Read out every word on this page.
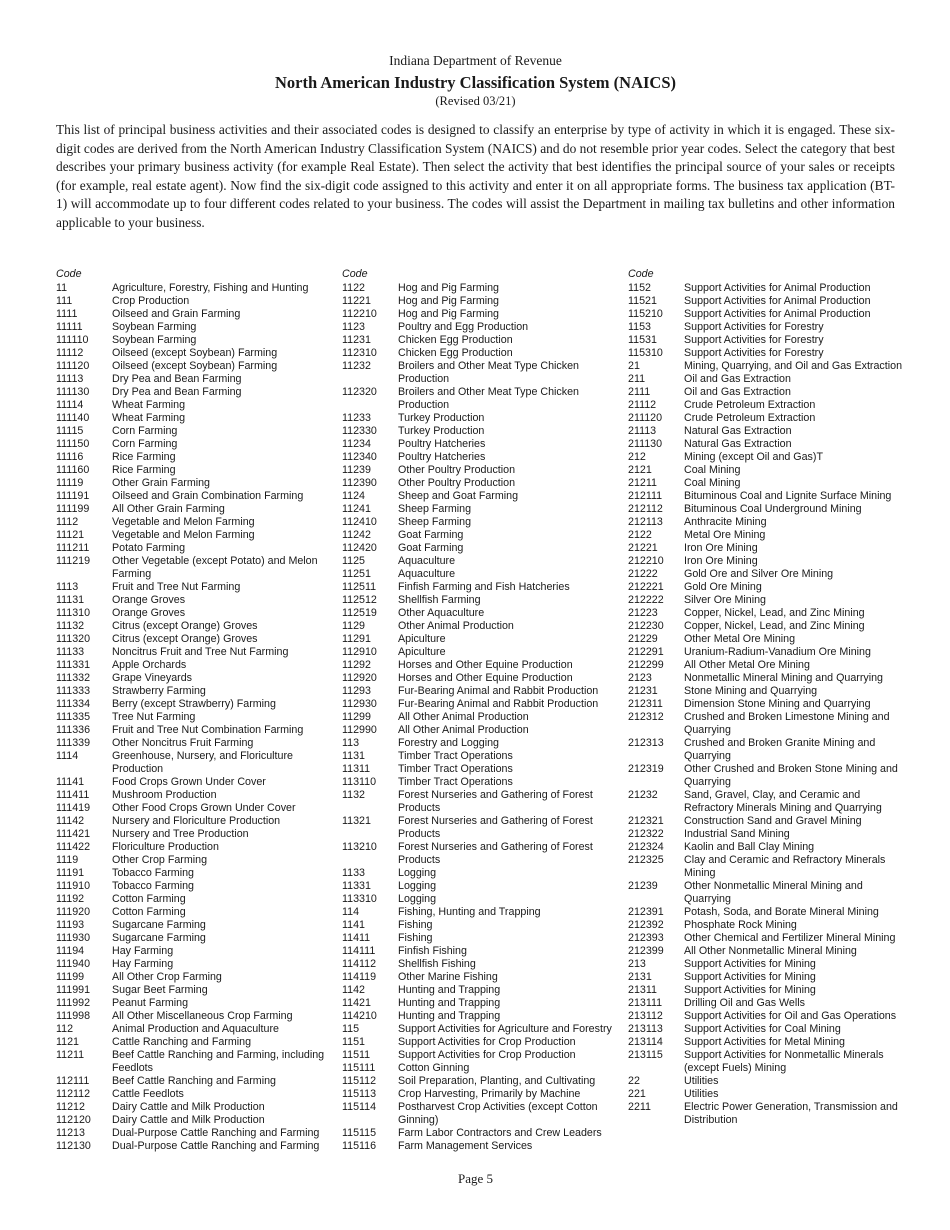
Indiana Department of Revenue
North American Industry Classification System (NAICS)
(Revised 03/21)

This list of principal business activities and their associated codes is designed to classify an enterprise by type of activity in which it is engaged. These six-digit codes are derived from the North American Industry Classification System (NAICS) and do not resemble prior year codes. Select the category that best describes your primary business activity (for example Real Estate). Then select the activity that best identifies the principal source of your sales or receipts (for example, real estate agent). Now find the six-digit code assigned to this activity and enter it on all appropriate forms. The business tax application (BT-1) will accommodate up to four different codes related to your business. The codes will assist the Department in mailing tax bulletins and other information applicable to your business.

Code
11	Agriculture, Forestry, Fishing and Hunting
111	Crop Production
1111	Oilseed and Grain Farming
11111	Soybean Farming
111110	Soybean Farming
11112	Oilseed (except Soybean) Farming
111120	Oilseed (except Soybean) Farming
11113	Dry Pea and Bean Farming
111130	Dry Pea and Bean Farming
11114	Wheat Farming
111140	Wheat Farming
11115	Corn Farming
111150	Corn Farming
11116	Rice Farming
111160	Rice Farming
11119	Other Grain Farming
111191	Oilseed and Grain Combination Farming
111199	All Other Grain Farming
1112	Vegetable and Melon Farming
11121	Vegetable and Melon Farming
111211	Potato Farming
111219	Other Vegetable (except Potato) and Melon Farming
1113	Fruit and Tree Nut Farming
11131	Orange Groves
111310	Orange Groves
11132	Citrus (except Orange) Groves
111320	Citrus (except Orange) Groves
11133	Noncitrus Fruit and Tree Nut Farming
111331	Apple Orchards
111332	Grape Vineyards
111333	Strawberry Farming
111334	Berry (except Strawberry) Farming
111335	Tree Nut Farming
111336	Fruit and Tree Nut Combination Farming
111339	Other Noncitrus Fruit Farming
1114	Greenhouse, Nursery, and Floriculture Production
11141	Food Crops Grown Under Cover
111411	Mushroom Production
111419	Other Food Crops Grown Under Cover
11142	Nursery and Floriculture Production
111421	Nursery and Tree Production
111422	Floriculture Production
1119	Other Crop Farming
11191	Tobacco Farming
111910	Tobacco Farming
11192	Cotton Farming
111920	Cotton Farming
11193	Sugarcane Farming
111930	Sugarcane Farming
11194	Hay Farming
111940	Hay Farming
11199	All Other Crop Farming
111991	Sugar Beet Farming
111992	Peanut Farming
111998	All Other Miscellaneous Crop Farming
112	Animal Production and Aquaculture
1121	Cattle Ranching and Farming
11211	Beef Cattle Ranching and Farming, including Feedlots
112111	Beef Cattle Ranching and Farming
112112	Cattle Feedlots
11212	Dairy Cattle and Milk Production
112120	Dairy Cattle and Milk Production
11213	Dual-Purpose Cattle Ranching and Farming
112130	Dual-Purpose Cattle Ranching and Farming
Code
1122	Hog and Pig Farming
11221	Hog and Pig Farming
112210	Hog and Pig Farming
1123	Poultry and Egg Production
11231	Chicken Egg Production
112310	Chicken Egg Production
11232	Broilers and Other Meat Type Chicken Production
112320	Broilers and Other Meat Type Chicken Production
11233	Turkey Production
112330	Turkey Production
11234	Poultry Hatcheries
112340	Poultry Hatcheries
11239	Other Poultry Production
112390	Other Poultry Production
1124	Sheep and Goat Farming
11241	Sheep Farming
112410	Sheep Farming
11242	Goat Farming
112420	Goat Farming
1125	Aquaculture
11251	Aquaculture
112511	Finfish Farming and Fish Hatcheries
112512	Shellfish Farming
112519	Other Aquaculture
1129	Other Animal Production
11291	Apiculture
112910	Apiculture
11292	Horses and Other Equine Production
112920	Horses and Other Equine Production
11293	Fur-Bearing Animal and Rabbit Production
112930	Fur-Bearing Animal and Rabbit Production
11299	All Other Animal Production
112990	All Other Animal Production
113	Forestry and Logging
1131	Timber Tract Operations
11311	Timber Tract Operations
113110	Timber Tract Operations
1132	Forest Nurseries and Gathering of Forest Products
11321	Forest Nurseries and Gathering of Forest Products
113210	Forest Nurseries and Gathering of Forest Products
1133	Logging
11331	Logging
113310	Logging
114	Fishing, Hunting and Trapping
1141	Fishing
11411	Fishing
114111	Finfish Fishing
114112	Shellfish Fishing
114119	Other Marine Fishing
1142	Hunting and Trapping
11421	Hunting and Trapping
114210	Hunting and Trapping
115	Support Activities for Agriculture and Forestry
1151	Support Activities for Crop Production
11511	Support Activities for Crop Production
115111	Cotton Ginning
115112	Soil Preparation, Planting, and Cultivating
115113	Crop Harvesting, Primarily by Machine
115114	Postharvest Crop Activities (except Cotton Ginning)
115115	Farm Labor Contractors and Crew Leaders
115116	Farm Management Services
Code
1152	Support Activities for Animal Production
11521	Support Activities for Animal Production
115210	Support Activities for Animal Production
1153	Support Activities for Forestry
11531	Support Activities for Forestry
115310	Support Activities for Forestry
21	Mining, Quarrying, and Oil and Gas Extraction
211	Oil and Gas Extraction
2111	Oil and Gas Extraction
21112	Crude Petroleum Extraction
211120	Crude Petroleum Extraction
21113	Natural Gas Extraction
211130	Natural Gas Extraction
212	Mining (except Oil and Gas)T
2121	Coal Mining
21211	Coal Mining
212111	Bituminous Coal and Lignite Surface Mining
212112	Bituminous Coal Underground Mining
212113	Anthracite Mining
2122	Metal Ore Mining
21221	Iron Ore Mining
212210	Iron Ore Mining
21222	Gold Ore and Silver Ore Mining
212221	Gold Ore Mining
212222	Silver Ore Mining
21223	Copper, Nickel, Lead, and Zinc Mining
212230	Copper, Nickel, Lead, and Zinc Mining
21229	Other Metal Ore Mining
212291	Uranium-Radium-Vanadium Ore Mining
212299	All Other Metal Ore Mining
2123	Nonmetallic Mineral Mining and Quarrying
21231	Stone Mining and Quarrying
212311	Dimension Stone Mining and Quarrying
212312	Crushed and Broken Limestone Mining and Quarrying
212313	Crushed and Broken Granite Mining and Quarrying
212319	Other Crushed and Broken Stone Mining and Quarrying
21232	Sand, Gravel, Clay, and Ceramic and Refractory Minerals Mining and Quarrying
212321	Construction Sand and Gravel Mining
212322	Industrial Sand Mining
212324	Kaolin and Ball Clay Mining
212325	Clay and Ceramic and Refractory Minerals Mining
21239	Other Nonmetallic Mineral Mining and Quarrying
212391	Potash, Soda, and Borate Mineral Mining
212392	Phosphate Rock Mining
212393	Other Chemical and Fertilizer Mineral Mining
212399	All Other Nonmetallic Mineral Mining
213	Support Activities for Mining
2131	Support Activities for Mining
21311	Support Activities for Mining
213111	Drilling Oil and Gas Wells
213112	Support Activities for Oil and Gas Operations
213113	Support Activities for Coal Mining
213114	Support Activities for Metal Mining
213115	Support Activities for Nonmetallic Minerals (except Fuels) Mining
22	Utilities
221	Utilities
2211	Electric Power Generation, Transmission and Distribution
Page 5
